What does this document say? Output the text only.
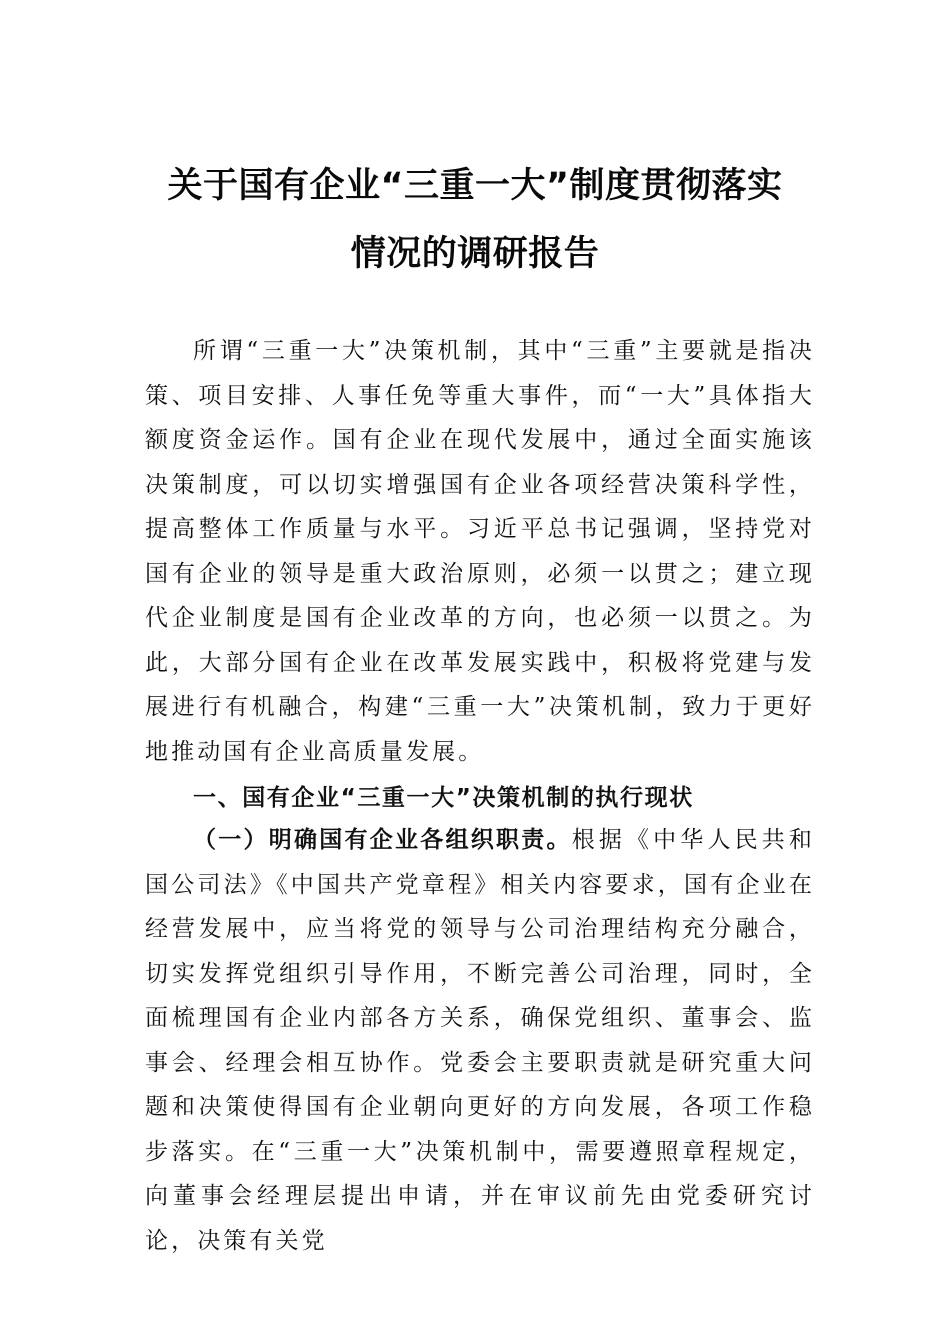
关于国有企业“三重一大”制度贯彻落实
情况的调研报告

所谓“三重一大”决策机制，其中“三重”主要就是指决策、项目安排、人事任免等重大事件，而“一大”具体指大额度资金运作。国有企业在现代发展中，通过全面实施该决策制度，可以切实增强国有企业各项经营决策科学性，提高整体工作质量与水平。习近平总书记强调，坚持党对国有企业的领导是重大政治原则，必须一以贯之；建立现代企业制度是国有企业改革的方向，也必须一以贯之。为此，大部分国有企业在改革发展实践中，积极将党建与发展进行有机融合，构建“三重一大”决策机制，致力于更好地推动国有企业高质量发展。

一、国有企业“三重一大”决策机制的执行现状

（一）明确国有企业各组织职责。根据《中华人民共和国公司法》《中国共产党章程》相关内容要求，国有企业在经营发展中，应当将党的领导与公司治理结构充分融合，切实发挥党组织引导作用，不断完善公司治理，同时，全面梳理国有企业内部各方关系，确保党组织、董事会、监事会、经理会相互协作。党委会主要职责就是研究重大问题和决策使得国有企业朝向更好的方向发展，各项工作稳步落实。在“三重一大”决策机制中，需要遵照章程规定，向董事会经理层提出申请，并在审议前先由党委研究讨论，决策有关党
